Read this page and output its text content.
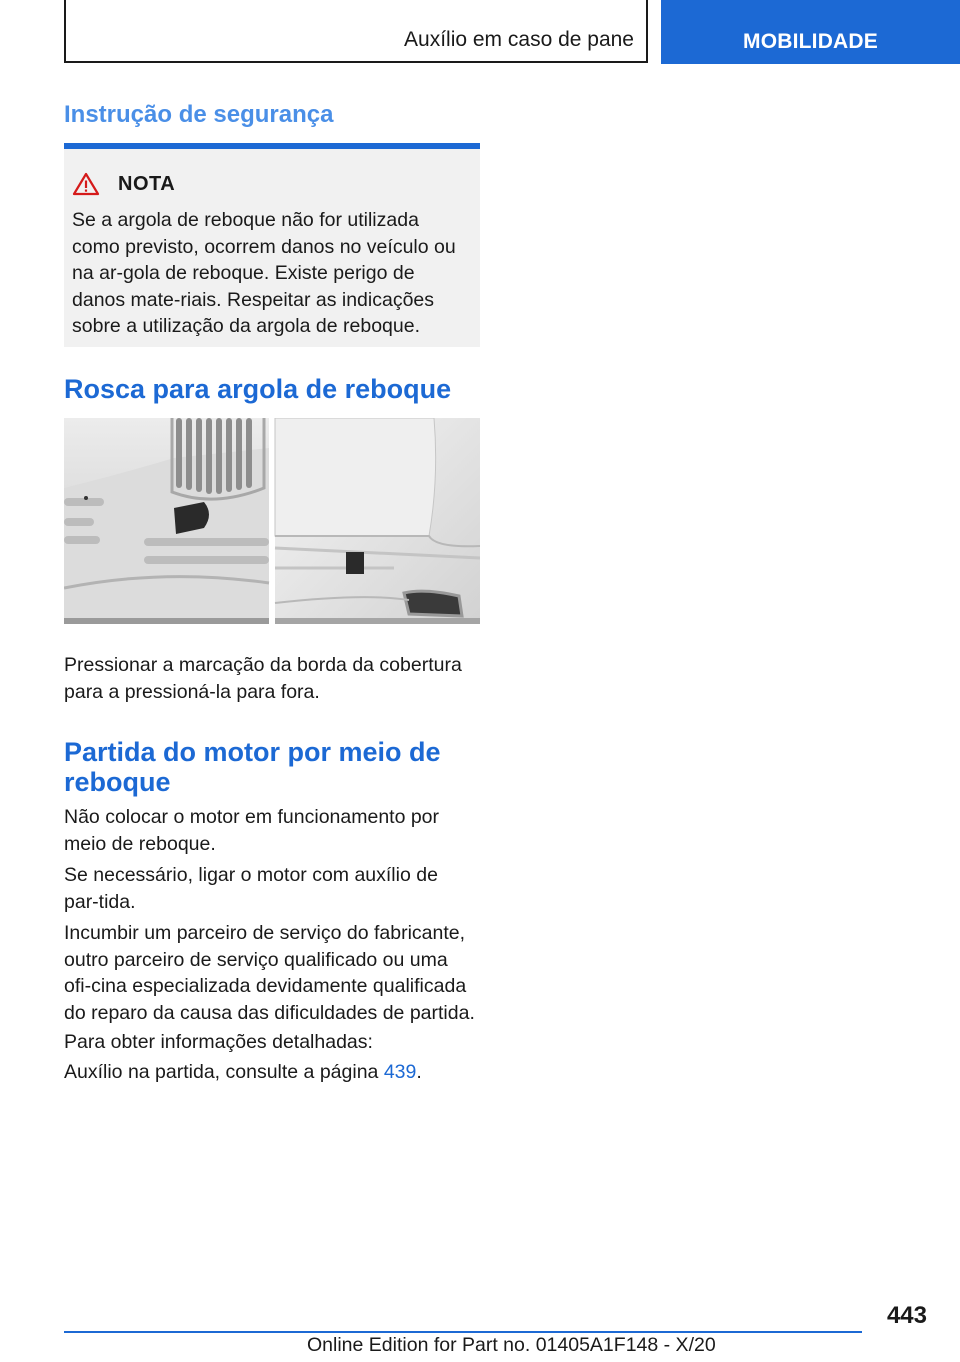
Auxílio em caso de pane	MOBILIDADE
Instrução de segurança
NOTA
Se a argola de reboque não for utilizada como previsto, ocorrem danos no veículo ou na ar-gola de reboque. Existe perigo de danos mate-riais. Respeitar as indicações sobre a utilização da argola de reboque.
Rosca para argola de reboque

Pressionar a marcação da borda da cobertura para a pressioná-la para fora.

Partida do motor por meio de reboque

Não colocar o motor em funcionamento por meio de reboque.

Se necessário, ligar o motor com auxílio de par-tida.

Incumbir um parceiro de serviço do fabricante, outro parceiro de serviço qualificado ou uma ofi-cina especializada devidamente qualificada do reparo da causa das dificuldades de partida.

Para obter informações detalhadas:

Auxílio na partida, consulte a página 439.

443
Online Edition for Part no. 01405A1F148 - X/20
